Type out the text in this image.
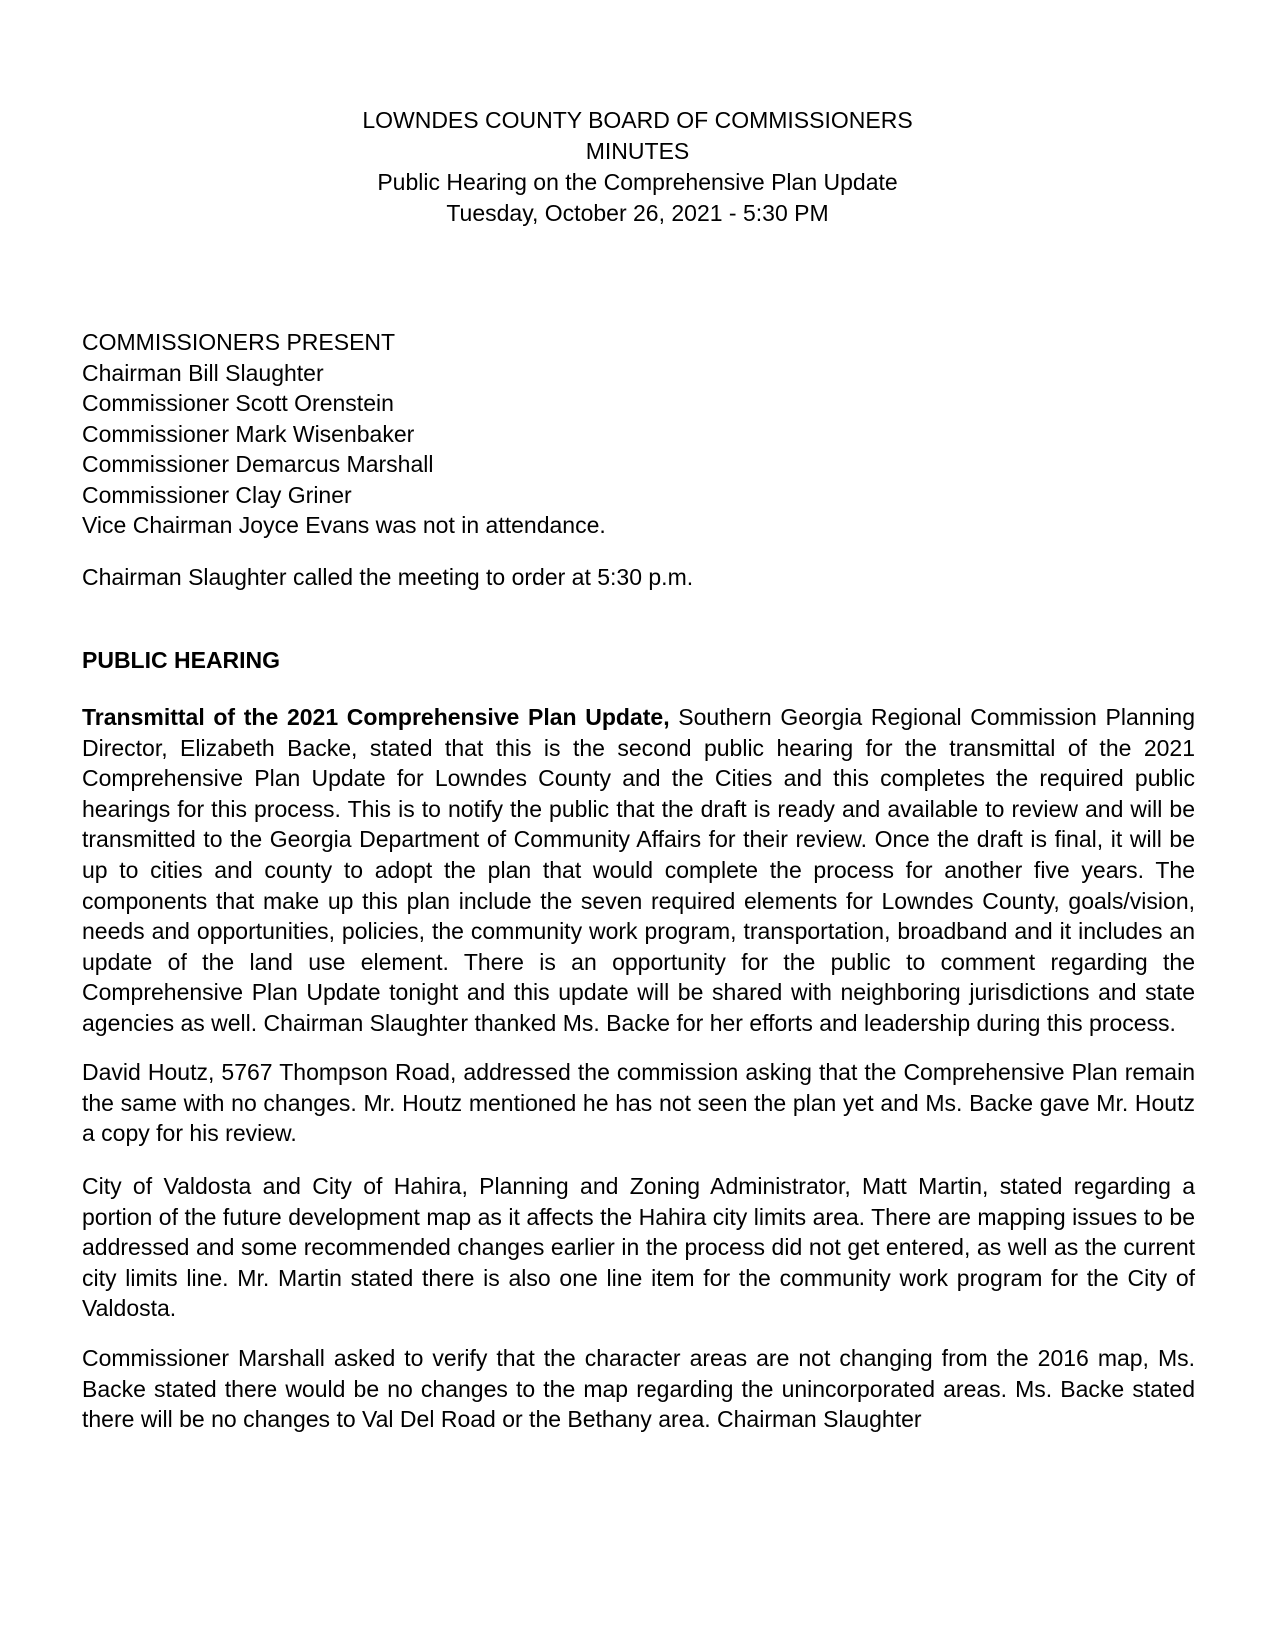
LOWNDES COUNTY BOARD OF COMMISSIONERS
MINUTES
Public Hearing on the Comprehensive Plan Update
Tuesday, October 26, 2021 - 5:30 PM
COMMISSIONERS PRESENT
Chairman Bill Slaughter
Commissioner Scott Orenstein
Commissioner Mark Wisenbaker
Commissioner Demarcus Marshall
Commissioner Clay Griner
Vice Chairman Joyce Evans was not in attendance.
Chairman Slaughter called the meeting to order at 5:30 p.m.
PUBLIC HEARING
Transmittal of the 2021 Comprehensive Plan Update, Southern Georgia Regional Commission Planning Director, Elizabeth Backe, stated that this is the second public hearing for the transmittal of the 2021 Comprehensive Plan Update for Lowndes County and the Cities and this completes the required public hearings for this process. This is to notify the public that the draft is ready and available to review and will be transmitted to the Georgia Department of Community Affairs for their review. Once the draft is final, it will be up to cities and county to adopt the plan that would complete the process for another five years. The components that make up this plan include the seven required elements for Lowndes County, goals/vision, needs and opportunities, policies, the community work program, transportation, broadband and it includes an update of the land use element. There is an opportunity for the public to comment regarding the Comprehensive Plan Update tonight and this update will be shared with neighboring jurisdictions and state agencies as well. Chairman Slaughter thanked Ms. Backe for her efforts and leadership during this process.
David Houtz, 5767 Thompson Road, addressed the commission asking that the Comprehensive Plan remain the same with no changes. Mr. Houtz mentioned he has not seen the plan yet and Ms. Backe gave Mr. Houtz a copy for his review.
City of Valdosta and City of Hahira, Planning and Zoning Administrator, Matt Martin, stated regarding a portion of the future development map as it affects the Hahira city limits area. There are mapping issues to be addressed and some recommended changes earlier in the process did not get entered, as well as the current city limits line. Mr. Martin stated there is also one line item for the community work program for the City of Valdosta.
Commissioner Marshall asked to verify that the character areas are not changing from the 2016 map, Ms. Backe stated there would be no changes to the map regarding the unincorporated areas. Ms. Backe stated there will be no changes to Val Del Road or the Bethany area. Chairman Slaughter
